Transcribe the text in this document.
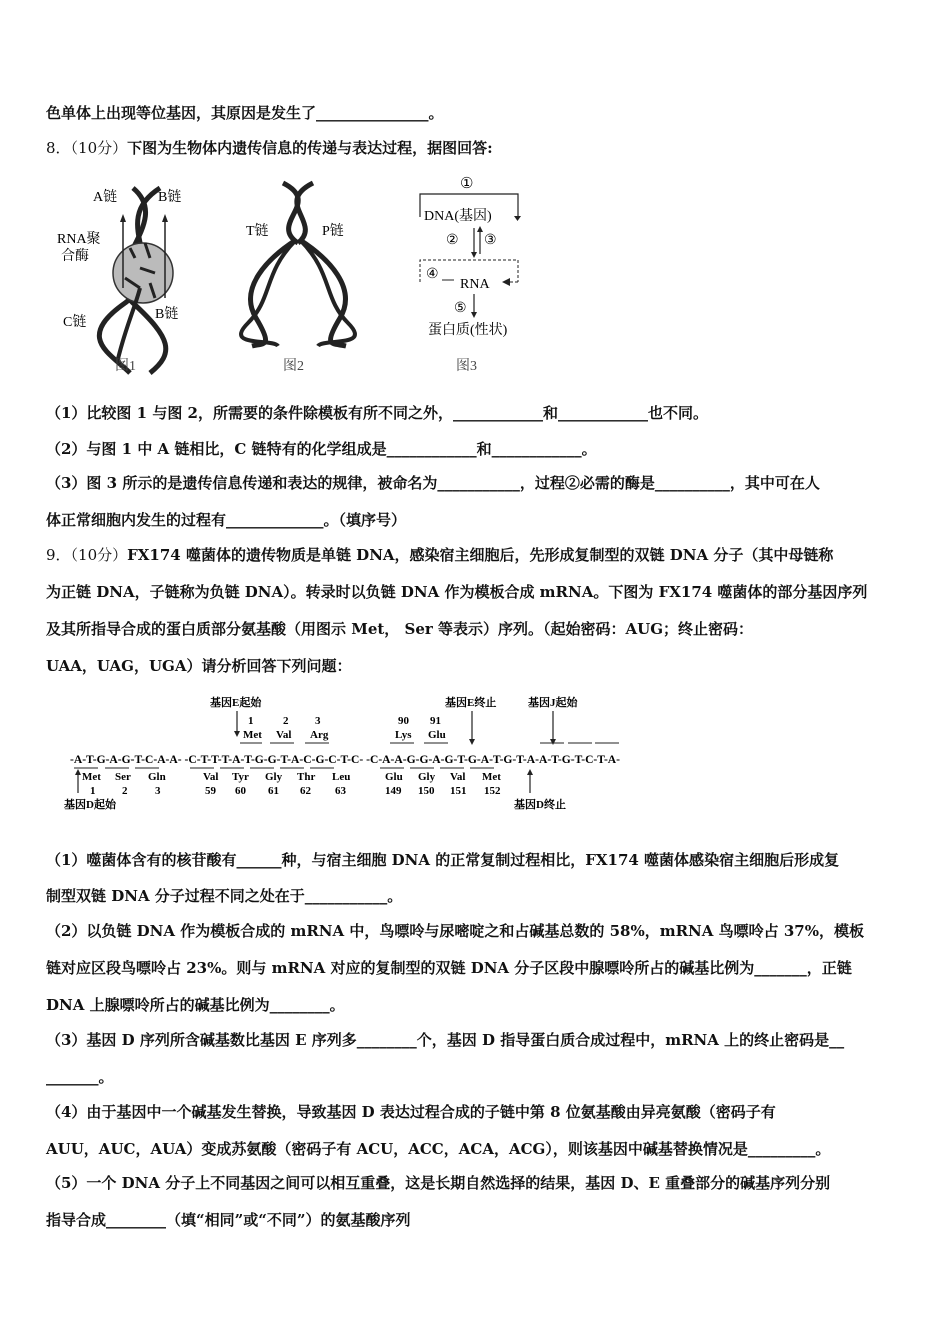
色单体上出现等位基因，其原因是发生了_______________。
8．（10分）下图为生物体内遗传信息的传递与表达过程，据图回答:
A链	B链
RNA聚
合酶
C链
B链
图1
T链	P链
图2
①
DNA(基因)
② ③
④
RNA
⑤
蛋白质(性状)
图3
（1）比较图 1 与图 2，所需要的条件除模板有所不同之外，____________和____________也不同。
（2）与图 1 中 A 链相比，C 链特有的化学组成是____________和____________。
（3）图 3 所示的是遗传信息传递和表达的规律，被命名为___________，过程②必需的酶是__________，其中可在人
体正常细胞内发生的过程有_____________。（填序号）
9．（10分）FX174 噬菌体的遗传物质是单链 DNA，感染宿主细胞后，先形成复制型的双链 DNA 分子（其中母链称
为正链 DNA，子链称为负链 DNA）。转录时以负链 DNA 作为模板合成 mRNA。下图为 FX174 噬菌体的部分基因序列
及其所指导合成的蛋白质部分氨基酸（用图示 Met， Ser 等表示）序列。（起始密码：AUG；终止密码：
UAA，UAG，UGA）请分析回答下列问题：
基因E起始	基因E终止	基因J起始
1	2 3	90 91
Met Val Arg	Lys Glu
-A-T-G-A-G-T-C-A-A- -C-T-T-T-A-T-G-G-T-A-C-G-C-T-C- -C-A-A-G-G-A-G-T-G-A-T-G-T-A-A-T-G-T-C-T-A-
Met Ser Gln	Val Tyr Gly Thr Leu	Glu Gly Val Met
1 2	3	59 60 61 62 63	149 150 151 152
基因D起始	基因D终止
（1）噬菌体含有的核苷酸有______种，与宿主细胞 DNA 的正常复制过程相比，FX174 噬菌体感染宿主细胞后形成复
制型双链 DNA 分子过程不同之处在于___________。
（2）以负链 DNA 作为模板合成的 mRNA 中，鸟嘌呤与尿嘧啶之和占碱基总数的 58%，mRNA 鸟嘌呤占 37%，模板
链对应区段鸟嘌呤占 23%。则与 mRNA 对应的复制型的双链 DNA 分子区段中腺嘌呤所占的碱基比例为_______，正链
DNA 上腺嘌呤所占的碱基比例为________。
（3）基因 D 序列所含碱基数比基因 E 序列多________个，基因 D 指导蛋白质合成过程中，mRNA 上的终止密码是__
_______。
（4）由于基因中一个碱基发生替换，导致基因 D 表达过程合成的子链中第 8 位氨基酸由异亮氨酸（密码子有
AUU，AUC，AUA）变成苏氨酸（密码子有 ACU，ACC，ACA，ACG），则该基因中碱基替换情况是_________。
（5）一个 DNA 分子上不同基因之间可以相互重叠，这是长期自然选择的结果，基因 D、E 重叠部分的碱基序列分别
指导合成________（填“相同”或“不同”）的氨基酸序列
